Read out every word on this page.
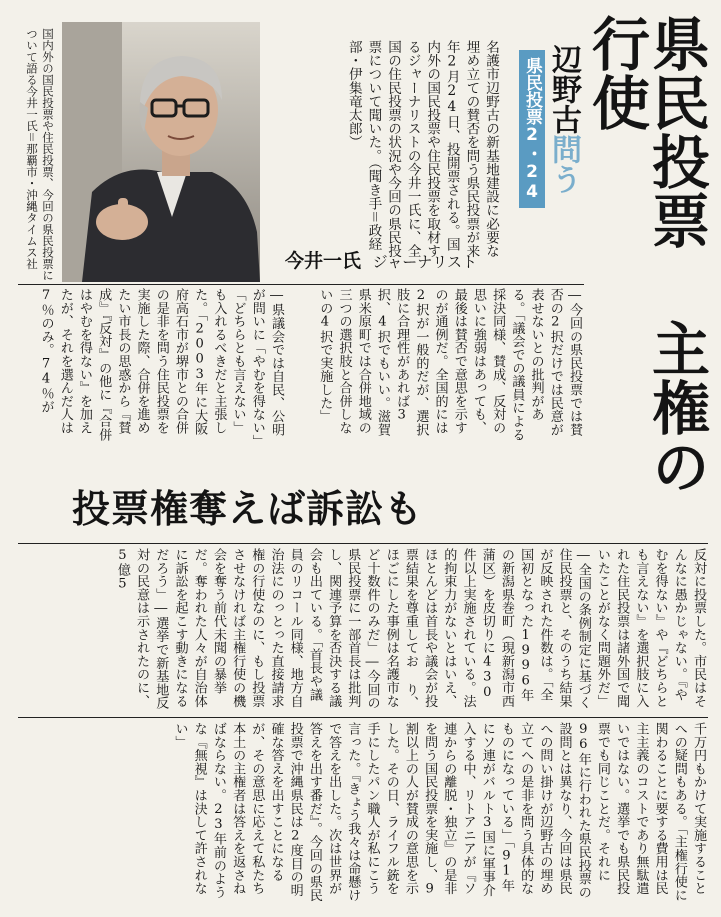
県民投票 主権の行使
辺野古問う
県民投票2・24
名護市辺野古の新基地建設に必要な埋め立ての賛否を問う県民投票が来年2月24日、投開票される。国内外の国民投票や住民投票を取材するジャーナリストの今井一氏に、全国の住民投票の状況や今回の県民投票について聞いた。（聞き手＝政経部・伊集竜太郎）
国内外の国民投票や住民投票、今回の県民投票について語る今井一氏＝那覇市・沖縄タイムス社	今井一氏 ジャーナリスト
投票権奪えば訴訟も
―今回の県民投票では賛否の2択だけでは民意が表せないとの批判がある。「議会での議員による採決同様、賛成、反対の思いに強弱はあっても、最後は賛否で意思を示すのが通例だ。全国的には2択が一般的だが、選択肢に合理性があれば3択、4択でもいい。滋賀県米原町では合併地域の三つの選択肢と合併しないの4択で実施した」
―県議会では自民、公明が問いに「やむを得ない」「どちらとも言えない」も入れるべきだと主張した。「2003年に大阪府高石市が堺市との合併の是非を問う住民投票を実施した際、合併を進めたい市長の思惑から『賛成』『反対』の他に『合併はやむを得ない』を加えたが、それを選んだ人は7％のみ。74％が
反対に投票した。市民はそんなに愚かじゃない。『やむを得ない』や『どちらとも言えない』を選択肢に入れた住民投票は諸外国で聞いたことがなく問題外だ」―全国の条例制定に基づく住民投票と、そのうち結果が反映された件数は。「全国初となった1996年の新潟県巻町（現新潟市西蒲区）を皮切りに430件以上実施されている。法的拘束力がないとはいえ、ほとんどは首長や議会が投票結果を尊重してお り、ほごにした事例は名護市など十数件のみだ」―今回の県民投票に一部首長は批判し、関連予算を否決する議会も出ている。「首長や議員のリコール同様、地方自治法にのっとった直接請求権の行使なのに、もし投票させなければ主権行使の機会を奪う前代未聞の暴挙だ。奪われた人々が自治体に訴訟を起こす動きになるだろう」―選挙で新基地反対の民意は示されたのに、5億5
千万円もかけて実施することへの疑問もある。「主権行使に関わることに要する費用は民主主義のコストであり無駄遣いではない。選挙でも県民投票でも同じことだ。それに96年に行われた県民投票の設問とは異なり、今回は県民への問い掛けが辺野古の埋め立てへの是非を問う具体的なものになっている」「91年にソ連がバルト3国に軍事介入する中、リトアニアが『ソ連からの離脱・独立』の是非を問う国民投票を実施し、9割以上の人が賛成の意思を示した。その日、ライフル銃を手にしたパン職人が私にこう言った。『きょう我々は命懸けで答えを出した。次は世界が答えを出す番だ』。今回の県民投票で沖縄県民は2度目の明確な答えを出すことになるが、その意思に応えて私たち本土の主権者は答えを返さねばならない。23年前のような『無視』は決して許されない」
